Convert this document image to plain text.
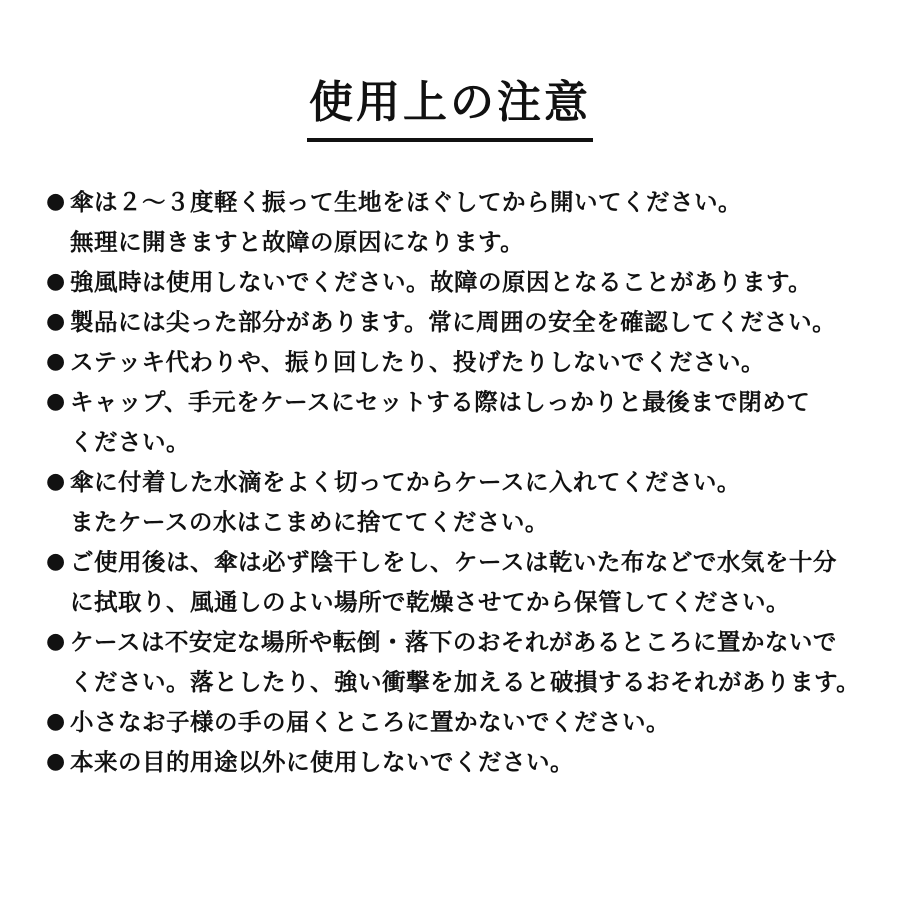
使用上の注意
● 傘は２～３度軽く振って生地をほぐしてから開いてください。
無理に開きますと故障の原因になります。
● 強風時は使用しないでください。故障の原因となることがあります。
● 製品には尖った部分があります。常に周囲の安全を確認してください。
● ステッキ代わりや、振り回したり、投げたりしないでください。
● キャップ、手元をケースにセットする際はしっかりと最後まで閉めて
ください。
● 傘に付着した水滴をよく切ってからケースに入れてください。
またケースの水はこまめに捨ててください。
● ご使用後は、傘は必ず陰干しをし、ケースは乾いた布などで水気を十分
に拭取り、風通しのよい場所で乾燥させてから保管してください。
● ケースは不安定な場所や転倒・落下のおそれがあるところに置かないで
ください。落としたり、強い衝撃を加えると破損するおそれがあります。
● 小さなお子様の手の届くところに置かないでください。
● 本来の目的用途以外に使用しないでください。
